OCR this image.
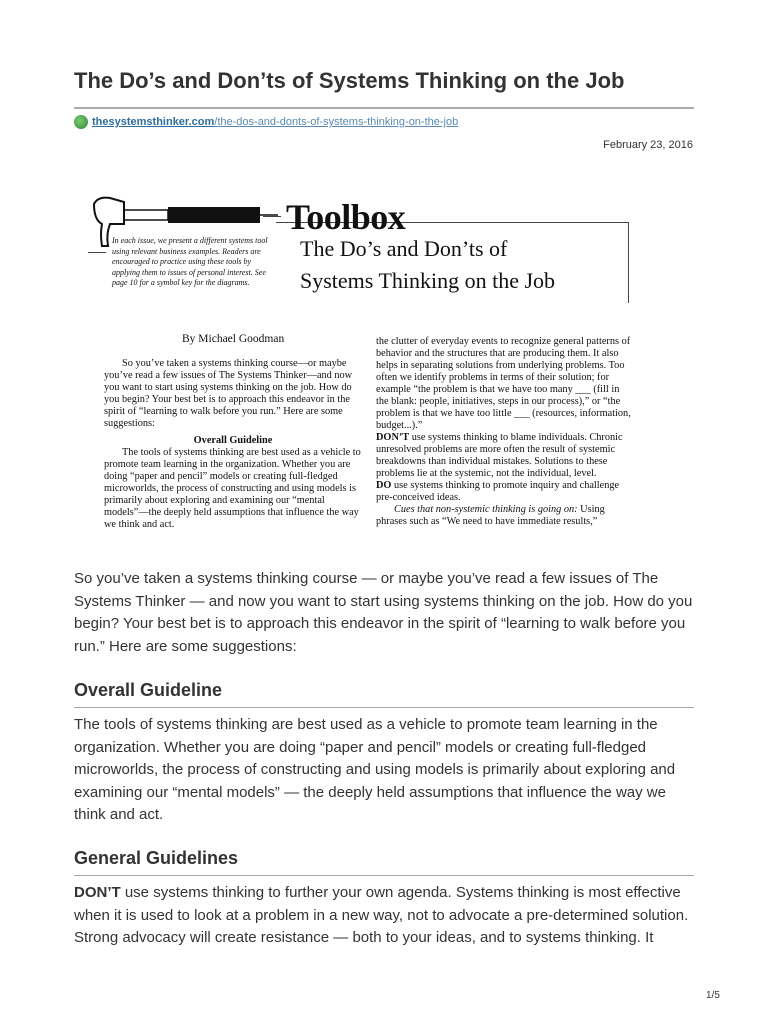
The Do’s and Don’ts of Systems Thinking on the Job
thesystemsthinker.com /the-dos-and-donts-of-systems-thinking-on-the-job
February 23, 2016
Toolbox
The Do’s and Don’ts of
Systems Thinking on the Job
In each issue, we present a different systems tool using relevant business examples. Readers are encouraged to practice using these tools by applying them to issues of personal interest. See page 10 for a symbol key for the diagrams.
By Michael Goodman

So you’ve taken a systems thinking course—or maybe you’ve read a few issues of The Systems Thinker—and now you want to start using systems thinking on the job. How do you begin? Your best bet is to approach this endeavor in the spirit of “learning to walk before you run.” Here are some suggestions:

Overall Guideline

The tools of systems thinking are best used as a vehicle to promote team learning in the organization. Whether you are doing “paper and pencil” models or creating full-fledged microworlds, the process of constructing and using models is primarily about exploring and examining our “mental models”—the deeply held assumptions that influence the way we think and act.

the clutter of everyday events to recognize general patterns of behavior and the structures that are producing them. It also helps in separating solutions from underlying problems. Too often we identify problems in terms of their solution; for example “the problem is that we have too many ___ (fill in the blank: people, initiatives, steps in our process),” or “the problem is that we have too little ___ (resources, information, budget...).”

DON’T use systems thinking to blame individuals. Chronic unresolved problems are more often the result of systemic breakdowns than individual mistakes. Solutions to these problems lie at the systemic, not the individual, level.

DO use systems thinking to promote inquiry and challenge pre-conceived ideas.

Cues that non-systemic thinking is going on: Using phrases such as “We need to have immediate results,”

So you’ve taken a systems thinking course — or maybe you’ve read a few issues of The Systems Thinker — and now you want to start using systems thinking on the job. How do you begin? Your best bet is to approach this endeavor in the spirit of “learning to walk before you run.” Here are some suggestions:

Overall Guideline

The tools of systems thinking are best used as a vehicle to promote team learning in the organization. Whether you are doing “paper and pencil” models or creating full-fledged microworlds, the process of constructing and using models is primarily about exploring and examining our “mental models” — the deeply held assumptions that influence the way we think and act.

General Guidelines

DON’T use systems thinking to further your own agenda. Systems thinking is most effective when it is used to look at a problem in a new way, not to advocate a pre-determined solution. Strong advocacy will create resistance — both to your ideas, and to systems thinking. It

1/5
